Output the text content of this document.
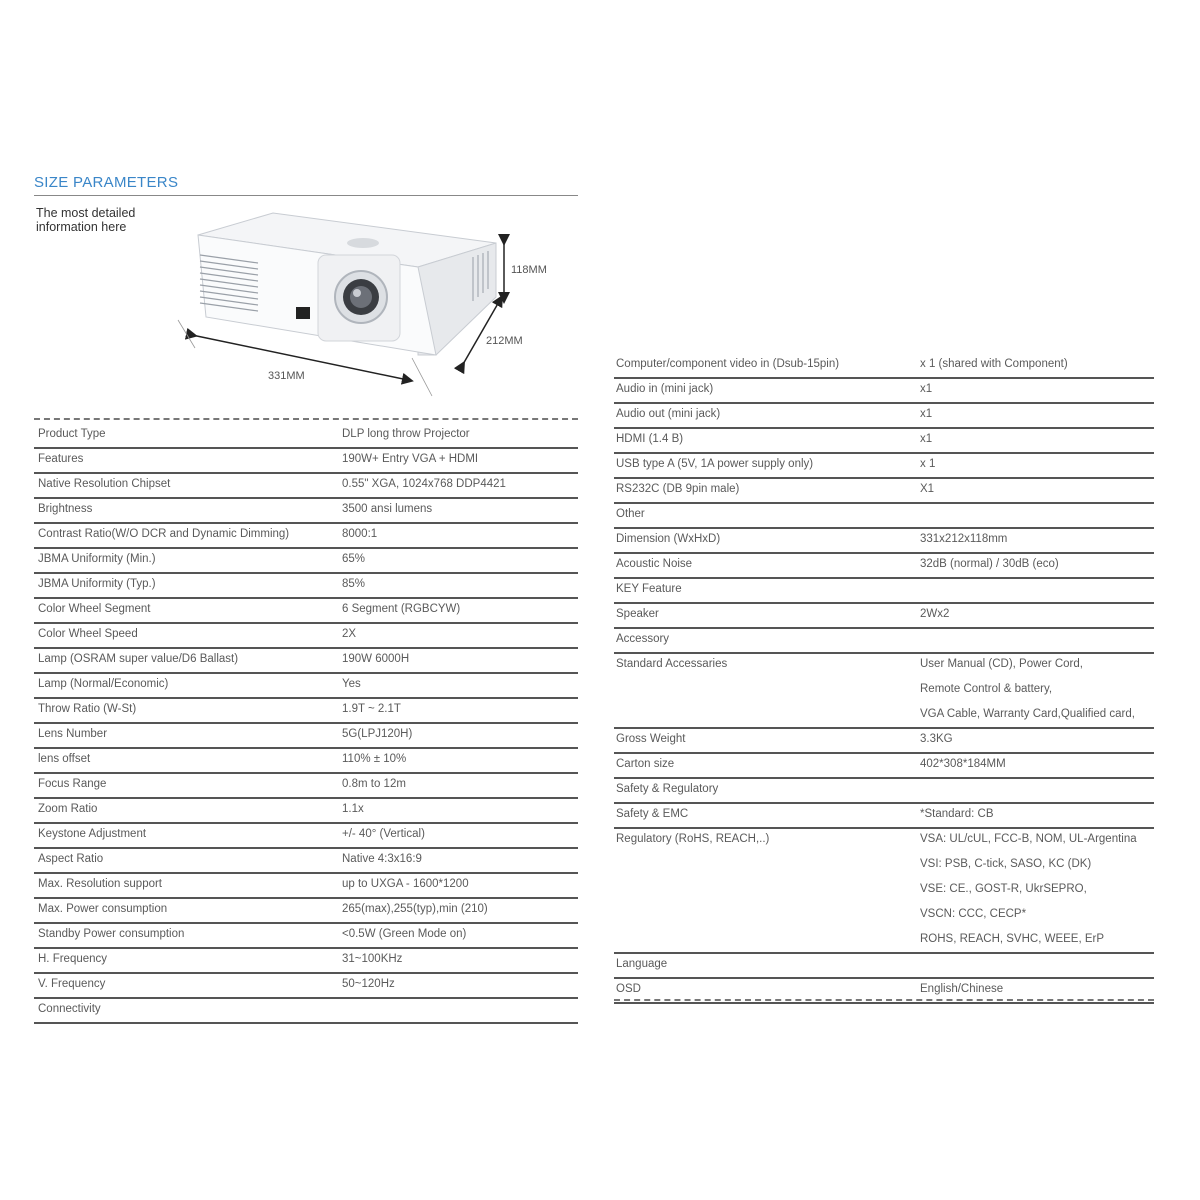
SIZE PARAMETERS
The most detailed
information here
331MM
212MM
118MM
Product Type	DLP long throw Projector
Features	190W+ Entry VGA + HDMI
Native Resolution Chipset	0.55" XGA, 1024x768 DDP4421
Brightness	3500 ansi lumens
Contrast Ratio(W/O DCR and Dynamic Dimming)	8000:1
JBMA Uniformity (Min.)	65%
JBMA Uniformity (Typ.)	85%
Color Wheel Segment	6 Segment (RGBCYW)
Color Wheel Speed	2X
Lamp (OSRAM super value/D6 Ballast)	190W 6000H
Lamp (Normal/Economic)	Yes
Throw Ratio (W-St)	1.9T ~ 2.1T
Lens Number	5G(LPJ120H)
lens offset	110% ± 10%
Focus Range	0.8m to 12m
Zoom Ratio	1.1x
Keystone Adjustment	+/- 40° (Vertical)
Aspect Ratio	Native 4:3x16:9
Max. Resolution support	up to UXGA - 1600*1200
Max. Power consumption	265(max),255(typ),min (210)
Standby Power consumption	<0.5W (Green Mode on)
H. Frequency	31~100KHz
V. Frequency	50~120Hz
Connectivity
Computer/component video in (Dsub-15pin)	x 1 (shared with Component)
Audio in (mini jack)	x1
Audio out (mini jack)	x1
HDMI (1.4 B)	x1
USB type A (5V, 1A power supply only)	x 1
RS232C (DB 9pin male)	X1
Other
Dimension (WxHxD)	331x212x118mm
Acoustic Noise	32dB (normal) / 30dB (eco)
KEY Feature
Speaker	2Wx2
Accessory
Standard Accessaries	User Manual (CD), Power Cord,
Remote Control & battery,
VGA Cable, Warranty Card,Qualified card,
Gross Weight	3.3KG
Carton size	402*308*184MM
Safety & Regulatory
Safety & EMC	*Standard: CB
Regulatory (RoHS, REACH,..)	VSA: UL/cUL, FCC-B, NOM, UL-Argentina
VSI: PSB, C-tick, SASO, KC (DK)
VSE: CE., GOST-R, UkrSEPRO,
VSCN: CCC, CECP*
ROHS, REACH, SVHC, WEEE, ErP
Language
OSD	English/Chinese
